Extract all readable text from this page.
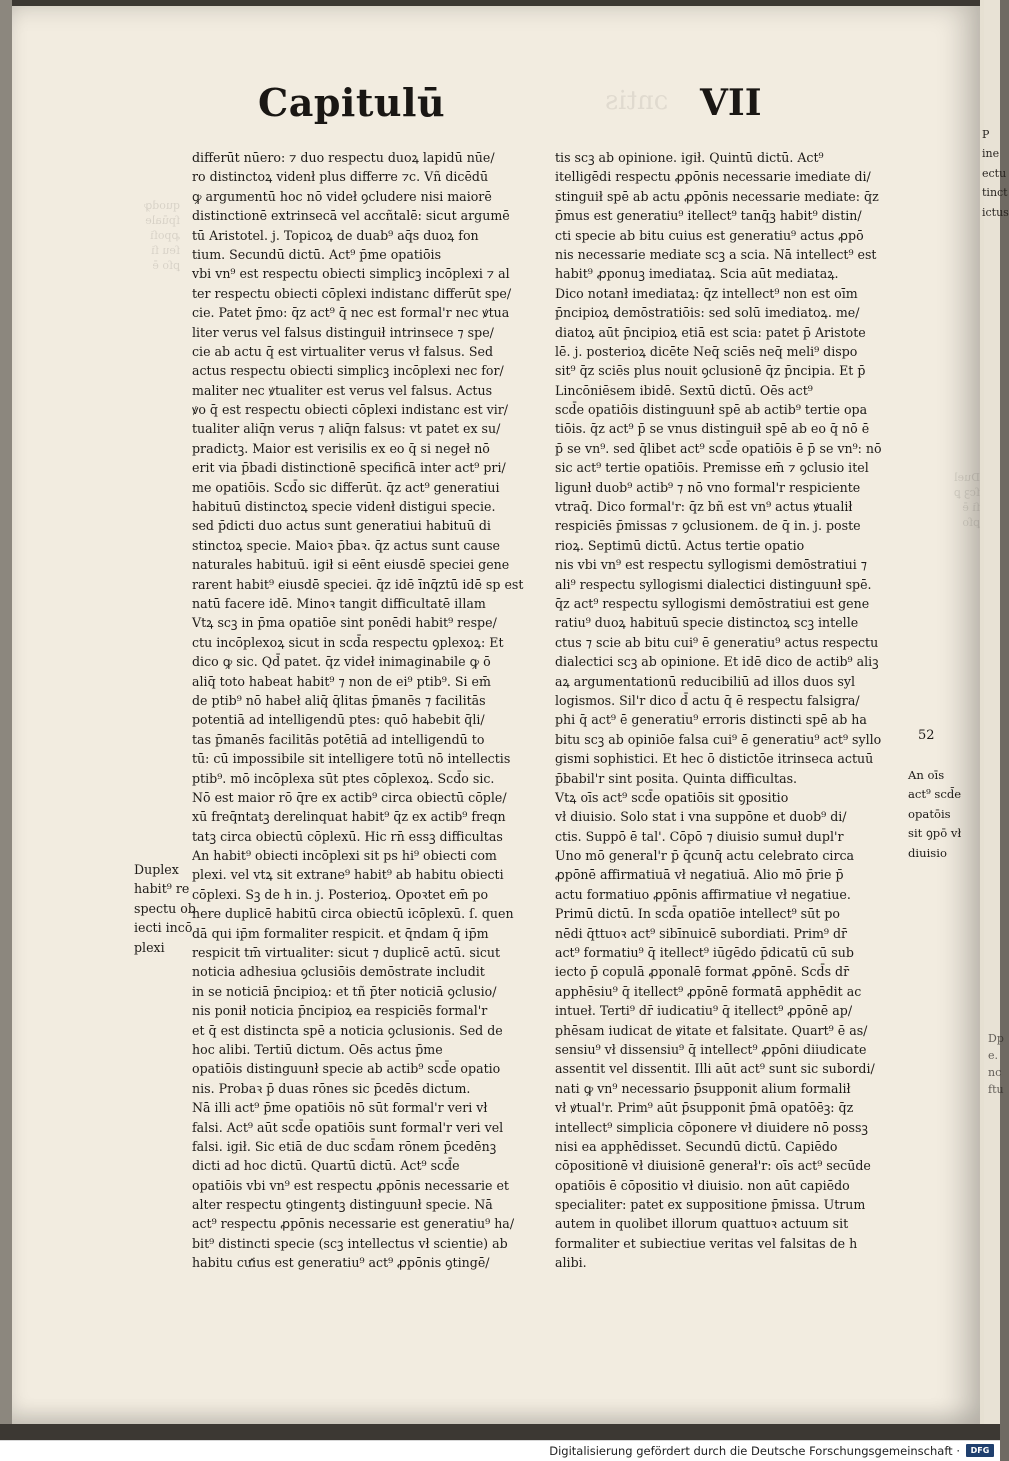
Capitulū	ɔntis VII
differūt nūero: ⁊ duo respectu duoꝝ lapidū nūe/
ro distinctoꝝ videnł plus differre ⁊c. Vñ dicēdū
ꝙ argumentū hoc nō videł ꝯcludere nisi maiorē
distinctionē extrinsecā vel accñtalē: sicut argumē
tū Aristotel. j. Topicoꝝ de duab⁹ aq̄s duoꝝ fon
tium. Secundū dictū. Act⁹ p̄me opatiōis
vbi vn⁹ est respectu obiecti simplicꝫ incōplexi ⁊ al
ter respectu obiecti cōplexi indistanc differūt spe/
cie. Patet p̄mo: q̄z act⁹ q̄ nec est formal'r nec ꝟtua
liter verus vel falsus distinguił intrinsece ⁊ spe/
cie ab actu q̄ est virtualiter verus vł falsus. Sed
actus respectu obiecti simplicꝫ incōplexi nec for/
maliter nec ꝟtualiter est verus vel falsus. Actus
ꝟo q̄ est respectu obiecti cōplexi indistanc est vir/
tualiter aliq̄n verus ⁊ aliq̄n falsus: vt patet ex su/
pradictꝫ. Maior est verisilis ex eo q̄ si negeł nō
erit via p̄badi distinctionē specificā inter act⁹ pri/
me opatiōis. Scd̄o sic differūt. q̄z act⁹ generatiui
habituū distinctoꝝ specie videnł distigui specie.
sed p̄dicti duo actus sunt generatiui habituū di
stinctoꝝ specie. Maioꝛ p̄baꝛ. q̄z actus sunt cause
naturales habituū. igił si eēnt eiusdē speciei gene
rarent habit⁹ eiusdē speciei. q̄z idē īnq̄ztū idē sp est
natū facere idē. Minoꝛ tangit difficultatē illam
Vtꝝ scꝫ in p̄ma opatiōe sint ponēdi habit⁹ respe/
ctu incōplexoꝝ sicut in scd̄a respectu ꝯplexoꝝ: Et
dico ꝙ sic. Qd̄ patet. q̄z videł inimaginabile ꝙ ō
aliq̄ toto habeat habit⁹ ⁊ non de ei⁹ ptib⁹. Si em̄
de ptib⁹ nō habeł aliq̄ q̄litas p̄manēs ⁊ facilitās
potentiā ad intelligendū ptes: quō habebit q̄li/
tas p̄manēs facilitās potētiā ad intelligendū to
tū: cū impossibile sit intelligere totū nō intellectis
ptib⁹. mō incōplexa sūt ptes cōplexoꝝ. Scd̄o sic.
Nō est maior rō q̄re ex actib⁹ circa obiectū cōple/
xū freq̄ntatꝫ derelinquat habit⁹ q̄z ex actib⁹ freqn
tatꝫ circa obiectū cōplexū. Hic rn̄ essꝫ difficultas
An habit⁹ obiecti incōplexi sit ps hi⁹ obiecti com
plexi. vel vtꝝ sit extrane⁹ habit⁹ ab habitu obiecti
cōplexi. Sꝫ de h in. j. Posterioꝝ. Opoꝛtet em̄ po
nere duplicē habitū circa obiectū icōplexū. ſ. quen
dā qui ip̄m formaliter respicit. et q̄ndam q̄ ip̄m
respicit tm̄ virtualiter: sicut ⁊ duplicē actū. sicut
noticia adhesiua ꝯclusiōis demōstrate includit
in se noticiā p̄ncipioꝝ: et tñ p̄ter noticiā ꝯclusio/
nis ponił noticia p̄ncipioꝝ ea respiciēs formal'r
et q̄ est distincta spē a noticia ꝯclusionis. Sed de
hoc alibi. Tertiū dictum. Oēs actus p̄me
opatiōis distinguunł specie ab actib⁹ scd̄e opatio
nis. Probaꝛ p̄ duas rōnes sic p̄cedēs dictum.
Nā illi act⁹ p̄me opatiōis nō sūt formal'r veri vł
falsi. Act⁹ aūt scd̄e opatiōis sunt formal'r veri vel
falsi. igił. Sic etiā de duc scd̄am rōnem p̄cedēnꝫ
dicti ad hoc dictū. Quartū dictū. Act⁹ scd̄e
opatiōis vbi vn⁹ est respectu ꝓpōnis necessarie et
alter respectu ꝯtingentꝫ distinguunł specie. Nā
act⁹ respectu ꝓpōnis necessarie est generatiu⁹ ha/
bit⁹ distincti specie (scꝫ intellectus vł scientie) ab
habitu cuius est generatiu⁹ act⁹ ꝓpōnis ꝯtingē/
tis scꝫ ab opinione. igił. Quintū dictū. Act⁹
itelligēdi respectu ꝓpōnis necessarie imediate di/
stinguił spē ab actu ꝓpōnis necessarie mediate: q̄z
p̄mus est generatiu⁹ itellect⁹ tanq̄ꝫ habit⁹ distin/
cti specie ab bitu cuius est generatiu⁹ actus ꝓpō
nis necessarie mediate scꝫ a scia. Nā intellect⁹ est
habit⁹ ꝓponuꝫ imediataꝝ. Scia aūt mediataꝝ.
Dico notanł imediataꝝ: q̄z intellect⁹ non est oīm
p̄ncipioꝝ demōstratiōis: sed solū imediatoꝝ. me/
diatoꝝ aūt p̄ncipioꝝ etiā est scia: patet p̄ Aristote
lē. j. posterioꝝ dicēte Neq̄ sciēs neq̄ meli⁹ dispo
sit⁹ q̄z sciēs plus nouit ꝯclusionē q̄z p̄ncipia. Et p̄
Lincōniēsem ibidē. Sextū dictū. Oēs act⁹
scd̄e opatiōis distinguunł spē ab actib⁹ tertie opa
tiōis. q̄z act⁹ p̄ se vnus distinguił spē ab eo q̄ nō ē
p̄ se vn⁹. sed q̄libet act⁹ scd̄e opatiōis ē p̄ se vn⁹: nō
sic act⁹ tertie opatiōis. Premisse em̄ ⁊ ꝯclusio itel
ligunł duob⁹ actib⁹ ⁊ nō vno formal'r respiciente
vtraq̄. Dico formal'r: q̄z bñ est vn⁹ actus ꝟtualił
respiciēs p̄missas ⁊ ꝯclusionem. de q̄ in. j. poste
rioꝝ. Septimū dictū. Actus tertie opatio
nis vbi vn⁹ est respectu syllogismi demōstratiui ⁊
ali⁹ respectu syllogismi dialectici distinguunł spē.
q̄z act⁹ respectu syllogismi demōstratiui est gene
ratiu⁹ duoꝝ habituū specie distinctoꝝ scꝫ intelle
ctus ⁊ scie ab bitu cui⁹ ē generatiu⁹ actus respectu
dialectici scꝫ ab opinione. Et idē dico de actib⁹ aliꝫ
aꝝ argumentationū reducibiliū ad illos duos syl
logismos. Sil'r dico d̄ actu q̄ ē respectu falsigra/
phi q̄ act⁹ ē generatiu⁹ erroris distincti spē ab ha
bitu scꝫ ab opiniōe falsa cui⁹ ē generatiu⁹ act⁹ syllo
gismi sophistici. Et hec ō distictōe itrinseca actuū
p̄babil'r sint posita. Quinta difficultas.
Vtꝝ oīs act⁹ scd̄e opatiōis sit ꝯpositio
vł diuisio. Solo stat i vna suppōne et duob⁹ di/
ctis. Suppō ē tal'. Cōpō ⁊ diuisio sumuł dupl'r
Uno mō general'r p̄ q̄cunq̄ actu celebrato circa
ꝓpōnē affirmatiuā vł negatiuā. Alio mō p̄rie p̄
actu formatiuo ꝓpōnis affirmatiue vł negatiue.
Primū dictū. In scd̄a opatiōe intellect⁹ sūt po
nēdi q̄ttuoꝛ act⁹ sibīnuicē subordiati. Prim⁹ dr̄
act⁹ formatiu⁹ q̄ itellect⁹ iūgēdo p̄dicatū cū sub
iecto p̄ copulā ꝓponalē format ꝓpōnē. Scd̄s dr̄
apphēsiu⁹ q̄ itellect⁹ ꝓpōnē formatā apphēdit ac
intueł. Terti⁹ dr̄ iudicatiu⁹ q̄ itellect⁹ ꝓpōnē ap/
phēsam iudicat de ꝟitate et falsitate. Quart⁹ ē as/
sensiu⁹ vł dissensiu⁹ q̄ intellect⁹ ꝓpōni diiudicate
assentit vel dissentit. Illi aūt act⁹ sunt sic subordi/
nati ꝙ vn⁹ necessario p̄supponit alium formalił
vł ꝟtual'r. Prim⁹ aūt p̄supponit p̄mā opatōēꝫ: q̄z
intellect⁹ simplicia cōponere vł diuidere nō possꝫ
nisi ea apphēdisset. Secundū dictū. Capiēdo
cōpositionē vł diuisionē generał'r: oīs act⁹ secūde
opatiōis ē cōpositio vł diuisio. non aūt capiēdo
specialiter: patet ex suppositione p̄missa. Utrum
autem in quolibet illorum quattuoꝛ actuum sit
formaliter et subiectiue veritas vel falsitas de h
alibi.
Duplex
habit⁹ re
spectu ob
iecti incō
plexi
52
An oīs
act⁹ scd̄e
opatōis
sit ꝯpō vł
diuisio
quodꝙ
ſpūale
ꝓpoſi
ſeu ſi
ꝑſo ē
Duel
ſcꝫ ꝑ
ſi ē
ꝑſo
P
ine
ectu
tinct
ictus
Dp
e.
nc
ftu
Digitalisierung gefördert durch die Deutsche Forschungsgemeinschaft ·	DFG
